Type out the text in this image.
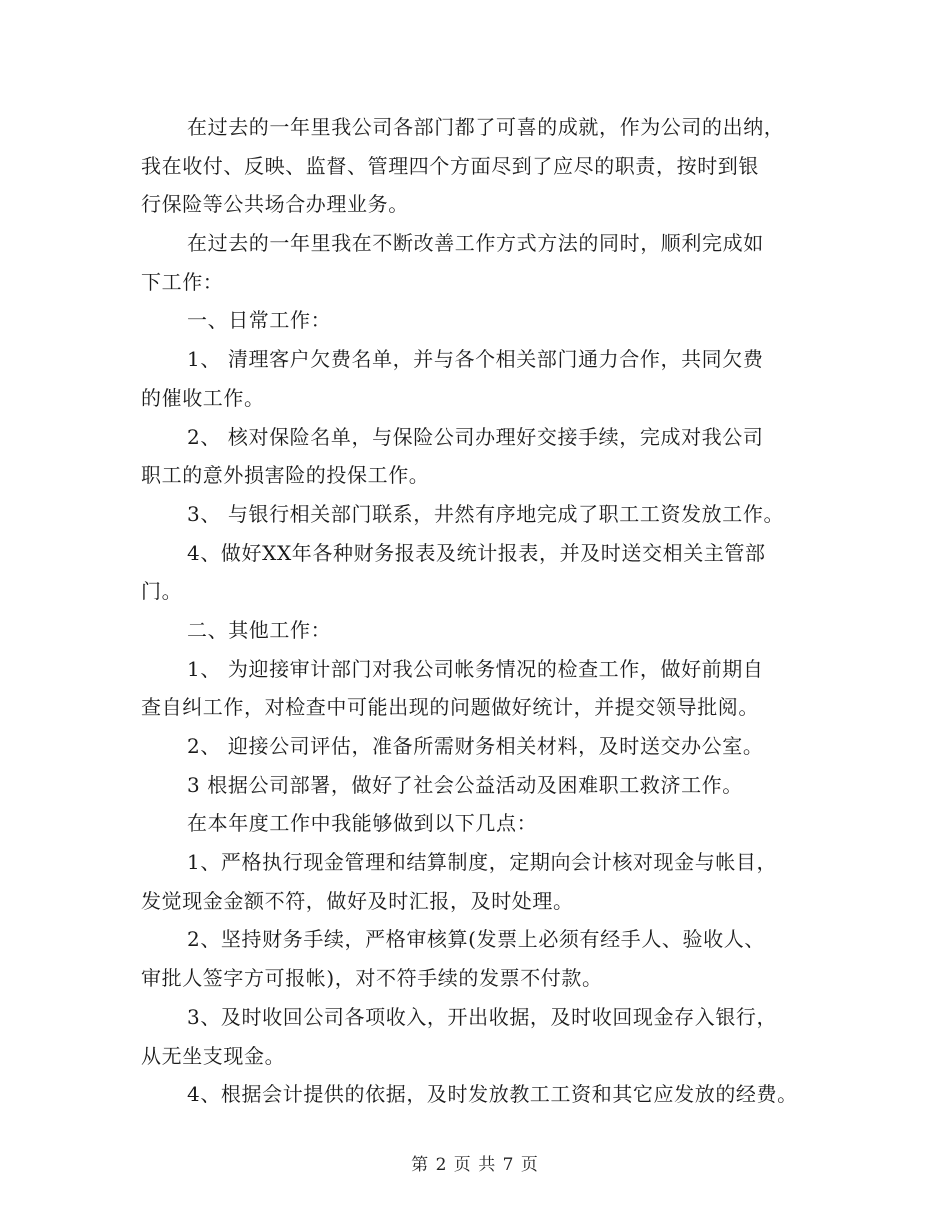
在过去的一年里我公司各部门都了可喜的成就，作为公司的出纳，
我在收付、反映、监督、管理四个方面尽到了应尽的职责，按时到银
行保险等公共场合办理业务。
在过去的一年里我在不断改善工作方式方法的同时，顺利完成如
下工作：
一、日常工作：
1、 清理客户欠费名单，并与各个相关部门通力合作，共同欠费
的催收工作。
2、 核对保险名单，与保险公司办理好交接手续，完成对我公司
职工的意外损害险的投保工作。
3、 与银行相关部门联系，井然有序地完成了职工工资发放工作。
4、做好XX年各种财务报表及统计报表，并及时送交相关主管部
门。
二、其他工作：
1、 为迎接审计部门对我公司帐务情况的检查工作，做好前期自
查自纠工作，对检查中可能出现的问题做好统计，并提交领导批阅。
2、 迎接公司评估，准备所需财务相关材料，及时送交办公室。
3 根据公司部署，做好了社会公益活动及困难职工救济工作。
在本年度工作中我能够做到以下几点：
1、严格执行现金管理和结算制度，定期向会计核对现金与帐目，
发觉现金金额不符，做好及时汇报，及时处理。
2、坚持财务手续，严格审核算(发票上必须有经手人、验收人、
审批人签字方可报帐)，对不符手续的发票不付款。
3、及时收回公司各项收入，开出收据，及时收回现金存入银行，
从无坐支现金。
4、根据会计提供的依据，及时发放教工工资和其它应发放的经费。
第 2 页 共 7 页
